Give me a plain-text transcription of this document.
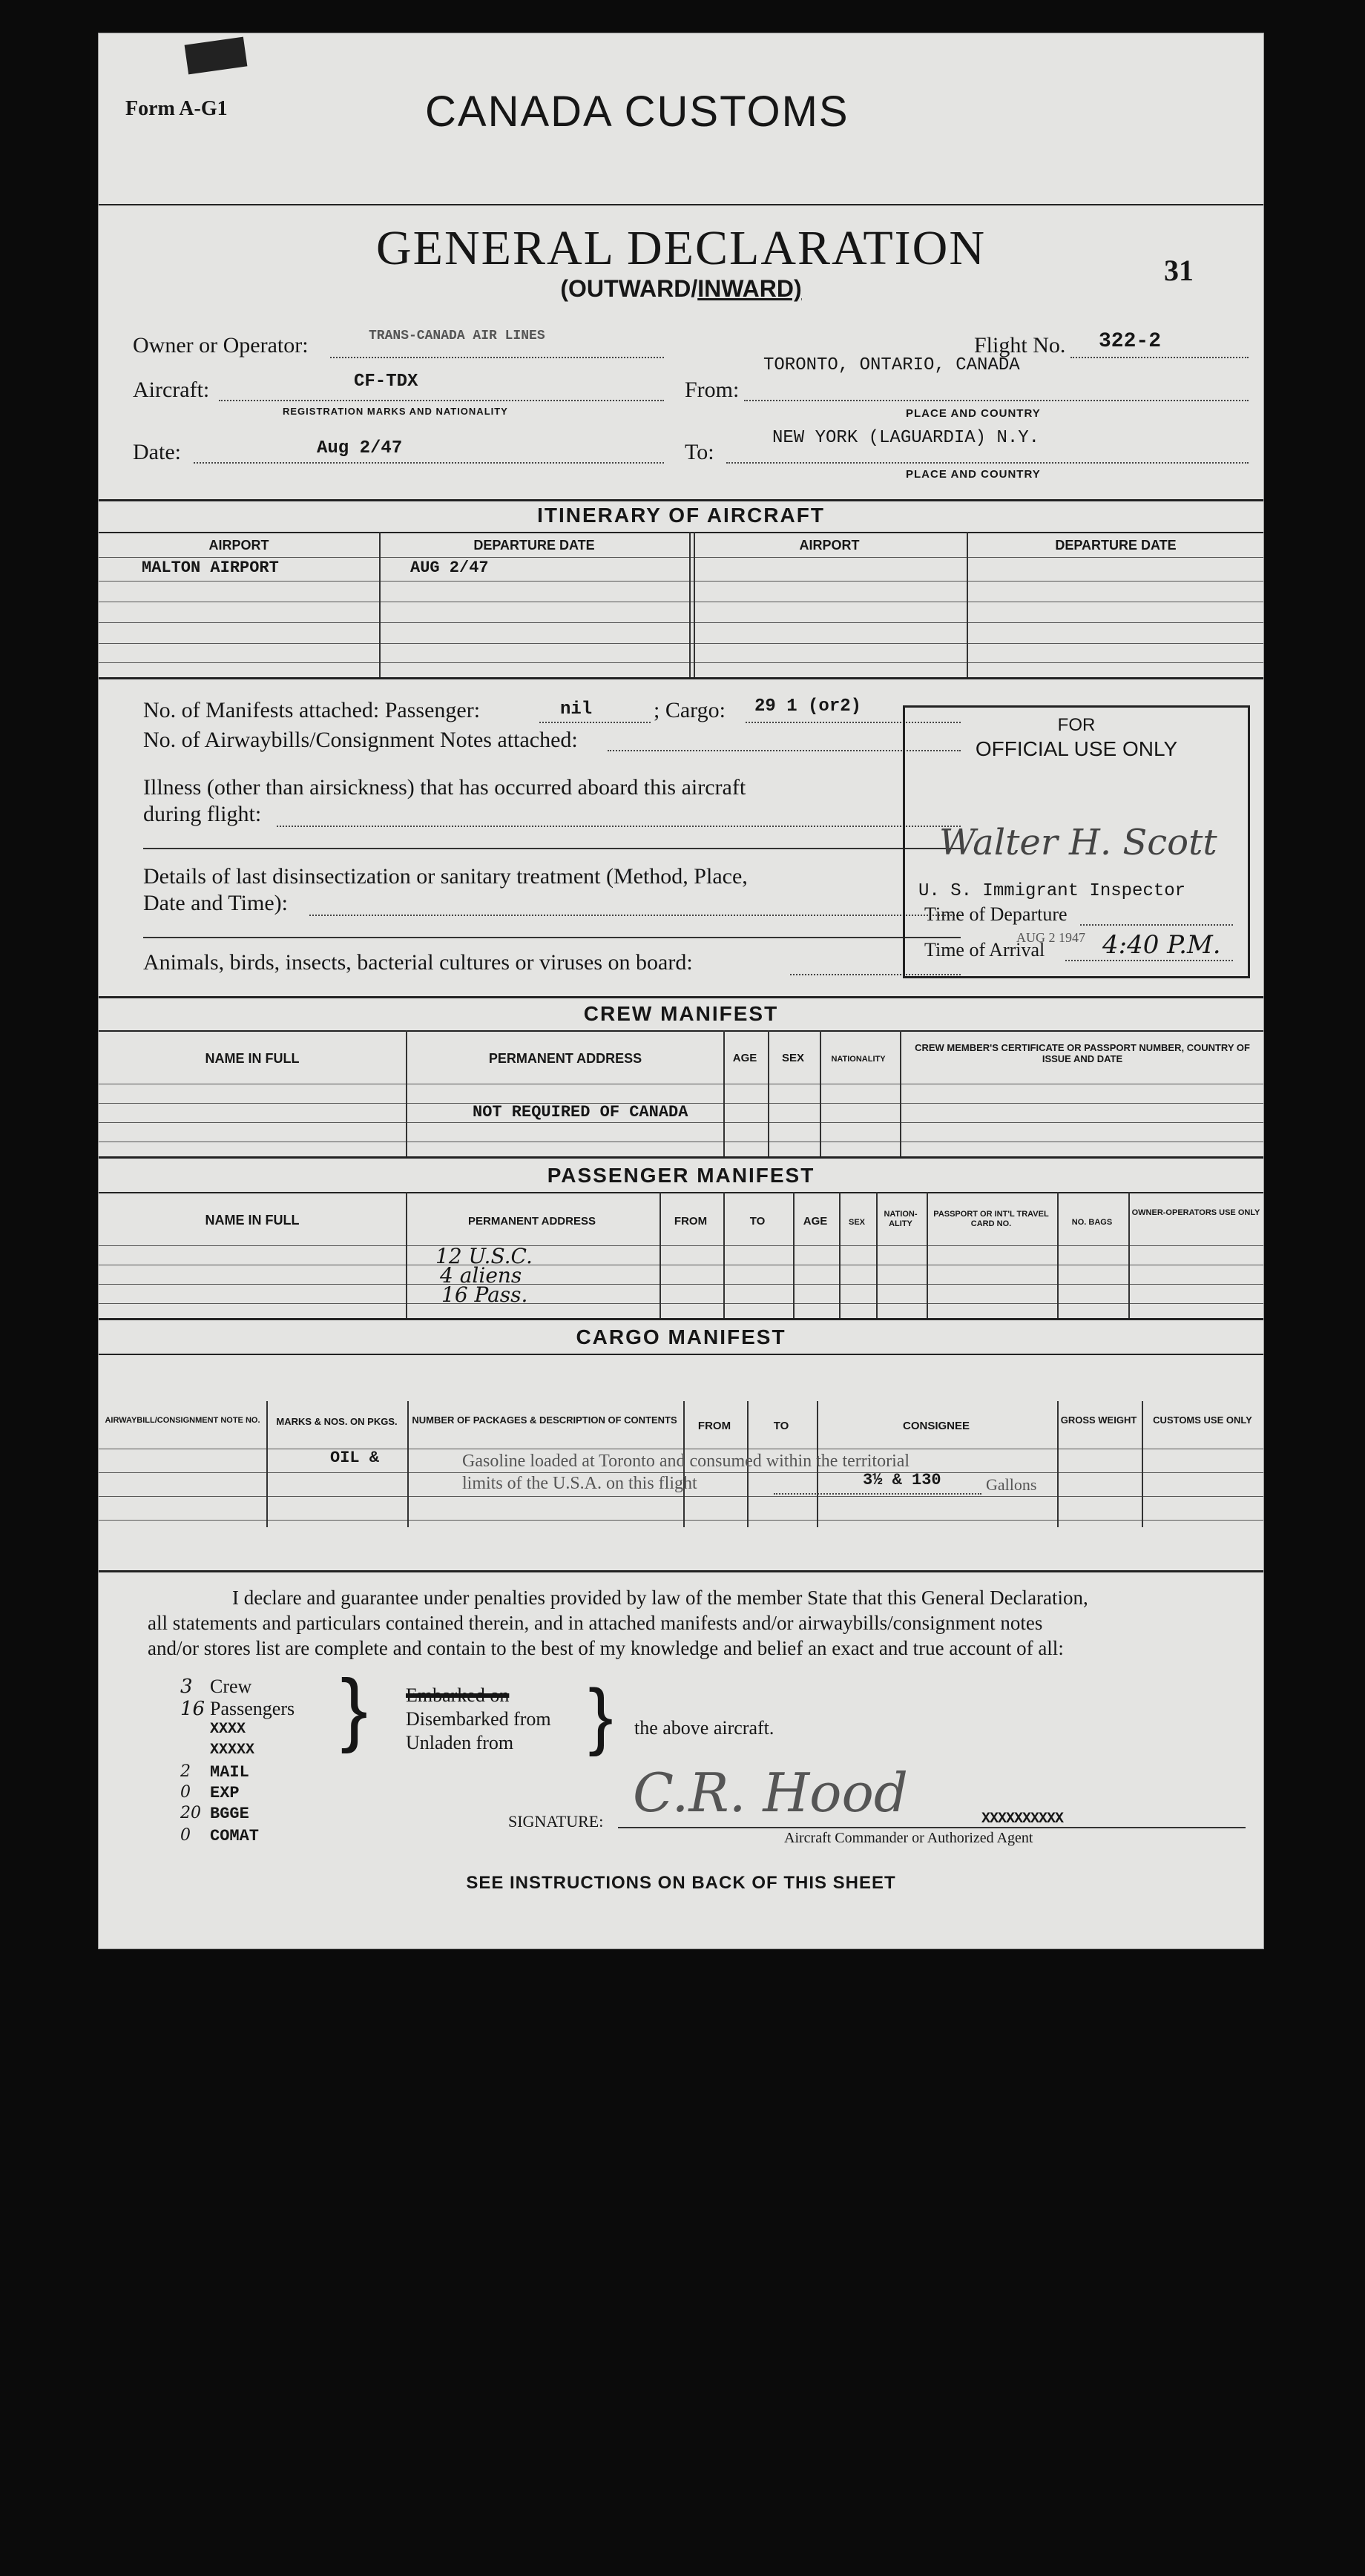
Form A-G1	CANADA CUSTOMS
GENERAL DECLARATION
(OUTWARD/INWARD)
31
Owner or Operator:	TRANS-CANADA AIR LINES	Flight No. 322-2
Aircraft:	CF-TDX
REGISTRATION MARKS AND NATIONALITY
From:
TORONTO, ONTARIO, CANADA
PLACE AND COUNTRY
Date:	Aug 2/47	To:
NEW YORK (LAGUARDIA) N.Y.
PLACE AND COUNTRY
ITINERARY OF AIRCRAFT
AIRPORT	DEPARTURE DATE	AIRPORT	DEPARTURE DATE
MALTON AIRPORT	AUG 2/47
No. of Manifests attached: Passenger:	nil	; Cargo: 29 1 (or2)
No. of Airwaybills/Consignment Notes attached:
Illness (other than airsickness) that has occurred aboard this aircraft
during flight:
Details of last disinsectization or sanitary treatment (Method, Place,
Date and Time):
Animals, birds, insects, bacterial cultures or viruses on board:
FOR
OFFICIAL USE ONLY
Walter H. Scott
U. S. Immigrant Inspector
Time of Departure
Time of Arrival
AUG 2 1947 4:40 P.M.
CREW MANIFEST
NAME IN FULL	PERMANENT ADDRESS	AGE	SEX	NATIONALITY
CREW MEMBER'S CERTIFICATE OR PASSPORT NUMBER, COUNTRY OF ISSUE AND DATE
NOT REQUIRED OF CANADA
PASSENGER MANIFEST
NAME IN FULL	PERMANENT ADDRESS	FROM	TO	AGE	SEX
NATION-ALITY
PASSPORT OR INT'L TRAVEL CARD NO.	NO. BAGS
OWNER-OPERATORS USE ONLY
12 U.S.C.
4 aliens
16 Pass.
CARGO MANIFEST
AIRWAYBILL/CONSIGNMENT NOTE NO.	MARKS & NOS. ON PKGS.	NUMBER OF PACKAGES & DESCRIPTION OF CONTENTS	FROM	TO	CONSIGNEE	GROSS WEIGHT	CUSTOMS USE ONLY
OIL &	Gasoline loaded at Toronto and consumed within the territorial
limits of the U.S.A. on this flight	3½ & 130	Gallons
I declare and guarantee under penalties provided by law of the member State that this General Declaration,
all statements and particulars contained therein, and in attached manifests and/or airwaybills/consignment notes
and/or stores list are complete and contain to the best of my knowledge and belief an exact and true account of all:
3 Crew
16 Passengers
XXXX
XXXXX
2 MAIL
0 EXP
20 BGGE
0 COMAT
} Embarked on
Disembarked from
Unladen from } the above aircraft.
SIGNATURE: C.R. Hood	XXXXXXXXXX
Aircraft Commander or Authorized Agent
SEE INSTRUCTIONS ON BACK OF THIS SHEET
